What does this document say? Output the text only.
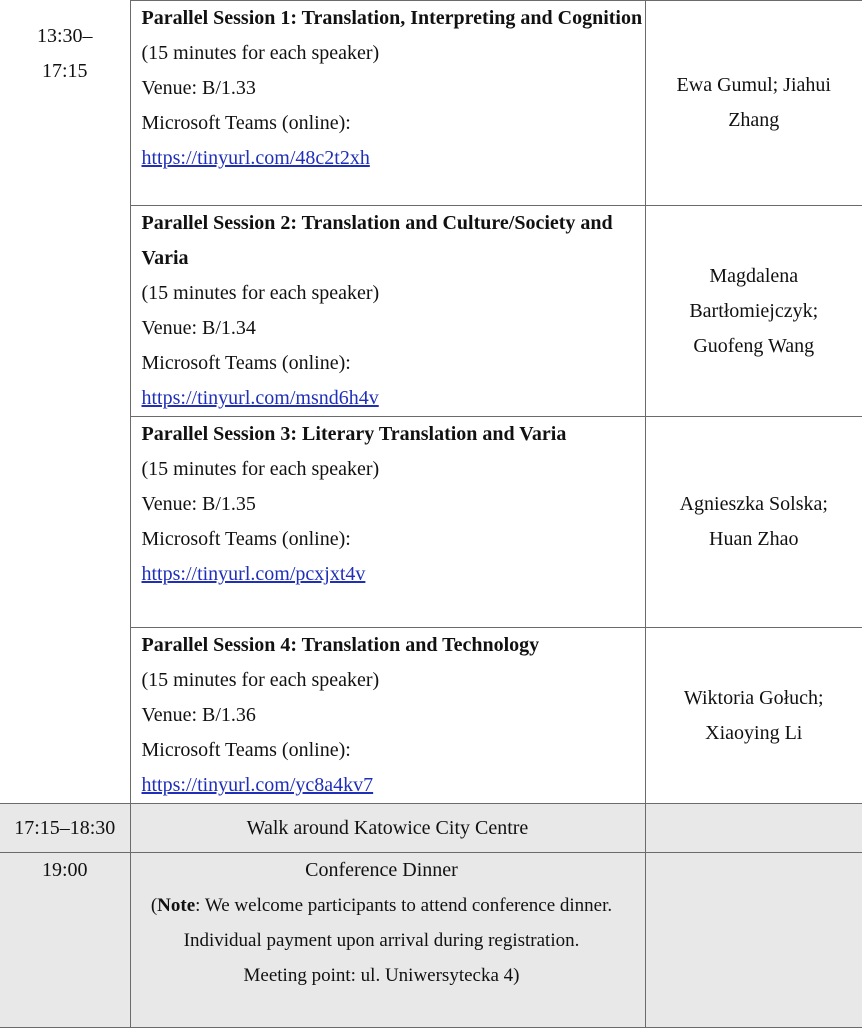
13:30–17:15	Parallel Session 1: Translation, Interpreting and Cognition
(15 minutes for each speaker)
Venue: B/1.33
Microsoft Teams (online):
https://tinyurl.com/48c2t2xh	Ewa Gumul; Jiahui Zhang

	Parallel Session 2: Translation and Culture/Society and Varia
(15 minutes for each speaker)
Venue: B/1.34
Microsoft Teams (online):
https://tinyurl.com/msnd6h4v	Magdalena Bartłomiejczyk; Guofeng Wang

	Parallel Session 3: Literary Translation and Varia
(15 minutes for each speaker)
Venue: B/1.35
Microsoft Teams (online):
https://tinyurl.com/pcxjxt4v	Agnieszka Solska; Huan Zhao

	Parallel Session 4: Translation and Technology
(15 minutes for each speaker)
Venue: B/1.36
Microsoft Teams (online):
https://tinyurl.com/yc8a4kv7	Wiktoria Gołuch; Xiaoying Li

17:15–18:30	Walk around Katowice City Centre	
19:00	Conference Dinner
(Note: We welcome participants to attend conference dinner. Individual payment upon arrival during registration.
Meeting point: ul. Uniwersytecka 4)	
